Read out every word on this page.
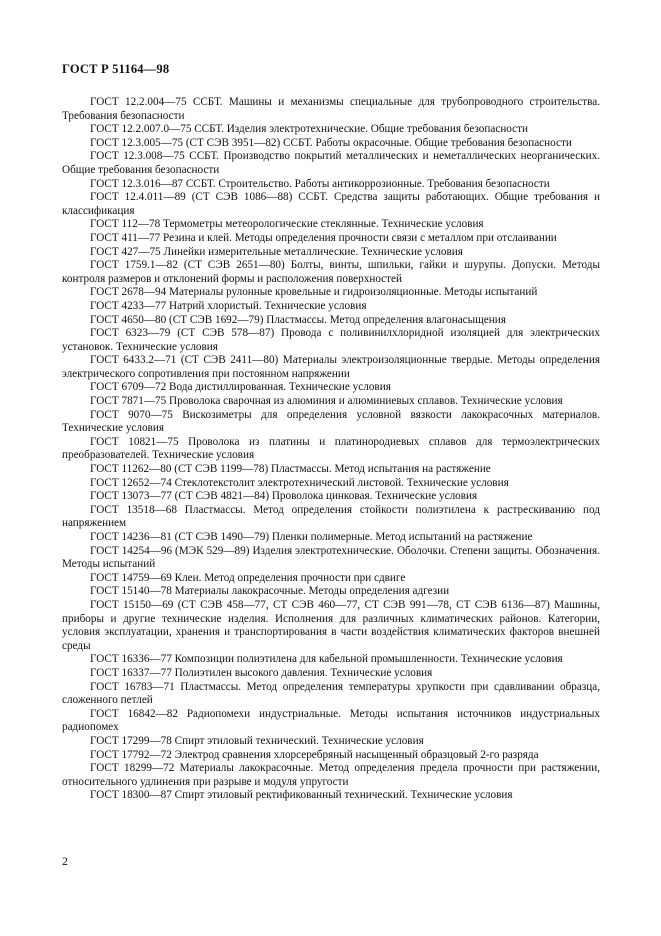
ГОСТ Р 51164—98

ГОСТ 12.2.004—75 ССБТ. Машины и механизмы специальные для трубопроводного строительства. Требования безопасности

ГОСТ 12.2.007.0—75 ССБТ. Изделия электротехнические. Общие требования безопасности

ГОСТ 12.3.005—75 (СТ СЭВ 3951—82) ССБТ. Работы окрасочные. Общие требования безопасности

ГОСТ 12.3.008—75 ССБТ. Производство покрытий металлических и неметаллических неорганических. Общие требования безопасности

ГОСТ 12.3.016—87 ССБТ. Строительство. Работы антикоррозионные. Требования безопасности

ГОСТ 12.4.011—89 (СТ СЭВ 1086—88) ССБТ. Средства защиты работающих. Общие требования и классификация

ГОСТ 112—78 Термометры метеорологические стеклянные. Технические условия

ГОСТ 411—77 Резина и клей. Методы определения прочности связи с металлом при отслаивании

ГОСТ 427—75 Линейки измерительные металлические. Технические условия

ГОСТ 1759.1—82 (СТ СЭВ 2651—80) Болты, винты, шпильки, гайки и шурупы. Допуски. Методы контроля размеров и отклонений формы и расположения поверхностей

ГОСТ 2678—94 Материалы рулонные кровельные и гидроизоляционные. Методы испытаний

ГОСТ 4233—77 Натрий хлористый. Технические условия

ГОСТ 4650—80 (СТ СЭВ 1692—79) Пластмассы. Метод определения влагонасыщения

ГОСТ 6323—79 (СТ СЭВ 578—87) Провода с поливинилхлоридной изоляцией для электрических установок. Технические условия

ГОСТ 6433.2—71 (СТ СЭВ 2411—80) Материалы электроизоляционные твердые. Методы определения электрического сопротивления при постоянном напряжении

ГОСТ 6709—72 Вода дистиллированная. Технические условия

ГОСТ 7871—75 Проволока сварочная из алюминия и алюминиевых сплавов. Технические условия

ГОСТ 9070—75 Вискозиметры для определения условной вязкости лакокрасочных материалов. Технические условия

ГОСТ 10821—75 Проволока из платины и платинородиевых сплавов для термоэлектрических преобразователей. Технические условия

ГОСТ 11262—80 (СТ СЭВ 1199—78) Пластмассы. Метод испытания на растяжение

ГОСТ 12652—74 Стеклотекстолит электротехнический листовой. Технические условия

ГОСТ 13073—77 (СТ СЭВ 4821—84) Проволока цинковая. Технические условия

ГОСТ 13518—68 Пластмассы. Метод определения стойкости полиэтилена к растрескиванию под напряжением

ГОСТ 14236—81 (СТ СЭВ 1490—79) Пленки полимерные. Метод испытаний на растяжение

ГОСТ 14254—96 (МЭК 529—89) Изделия электротехнические. Оболочки. Степени защиты. Обозначения. Методы испытаний

ГОСТ 14759—69 Клеи. Метод определения прочности при сдвиге

ГОСТ 15140—78 Материалы лакокрасочные. Методы определения адгезии

ГОСТ 15150—69 (СТ СЭВ 458—77, СТ СЭВ 460—77, СТ СЭВ 991—78, СТ СЭВ 6136—87) Машины, приборы и другие технические изделия. Исполнения для различных климатических районов. Категории, условия эксплуатации, хранения и транспортирования в части воздействия климатических факторов внешней среды

ГОСТ 16336—77 Композиции полиэтилена для кабельной промышленности. Технические условия

ГОСТ 16337—77 Полиэтилен высокого давления. Технические условия

ГОСТ 16783—71 Пластмассы. Метод определения температуры хрупкости при сдавливании образца, сложенного петлей

ГОСТ 16842—82 Радиопомехи индустриальные. Методы испытания источников индустриальных радиопомех

ГОСТ 17299—78 Спирт этиловый технический. Технические условия

ГОСТ 17792—72 Электрод сравнения хлорсеребряный насыщенный образцовый 2-го разряда

ГОСТ 18299—72 Материалы лакокрасочные. Метод определения предела прочности при растяжении, относительного удлинения при разрыве и модуля упругости

ГОСТ 18300—87 Спирт этиловый ректификованный технический. Технические условия

2
